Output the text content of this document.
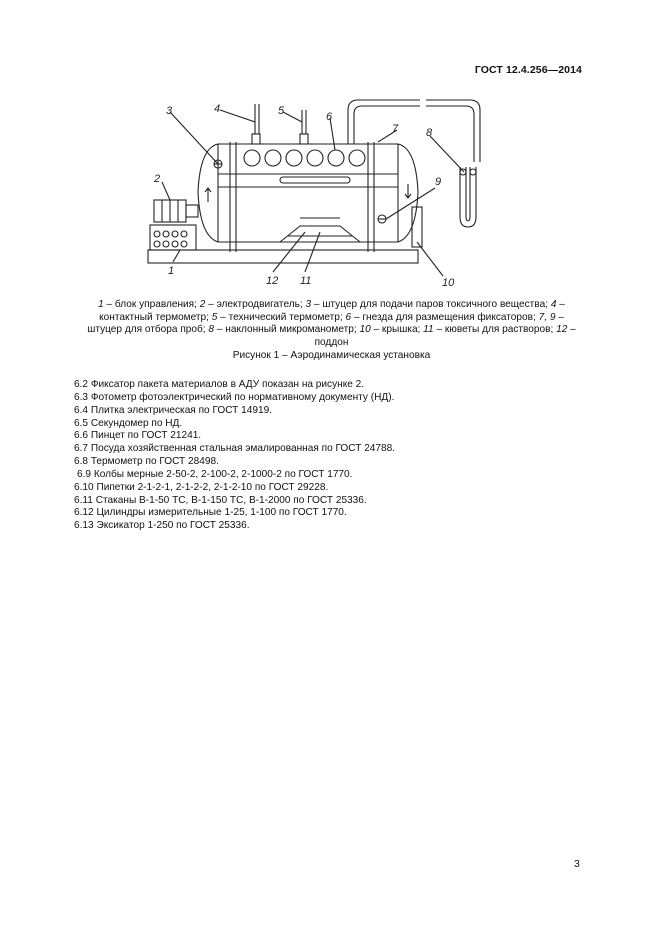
ГОСТ 12.4.256—2014
3	4	5	6
7	8
9
2
1
12 11	10
1 – блок управления; 2 – электродвигатель; 3 – штуцер для подачи паров токсичного веществa; 4 – контактный термометр; 5 – технический термометр; 6 – гнезда для размещения фиксаторов; 7, 9 – штуцер для отбора проб; 8 – наклонный микроманометр; 10 – крышка; 11 – кюветы для растворов; 12 – поддон
Рисунок 1 – Аэродинамическая установка
6.2 Фиксатор пакета материалов в АДУ показан на рисунке 2.
6.3 Фотометр фотоэлектрический по нормативному документу (НД).
6.4 Плитка электрическая по ГОСТ 14919.
6.5 Секундомер по НД.
6.6 Пинцет по ГОСТ 21241.
6.7 Посуда хозяйственная стальная эмалированная по ГОСТ 24788.
6.8 Термометр по ГОСТ 28498.
6.9 Колбы мерные 2-50-2, 2-100-2, 2-1000-2 по ГОСТ 1770.
6.10 Пипетки 2-1-2-1, 2-1-2-2, 2-1-2-10 по ГОСТ 29228.
6.11 Стаканы В-1-50 ТС, В-1-150 ТС, В-1-2000 по ГОСТ 25336.
6.12 Цилиндры измерительные 1-25, 1-100 по ГОСТ 1770.
6.13 Эксикатор 1-250 по ГОСТ 25336.
3
